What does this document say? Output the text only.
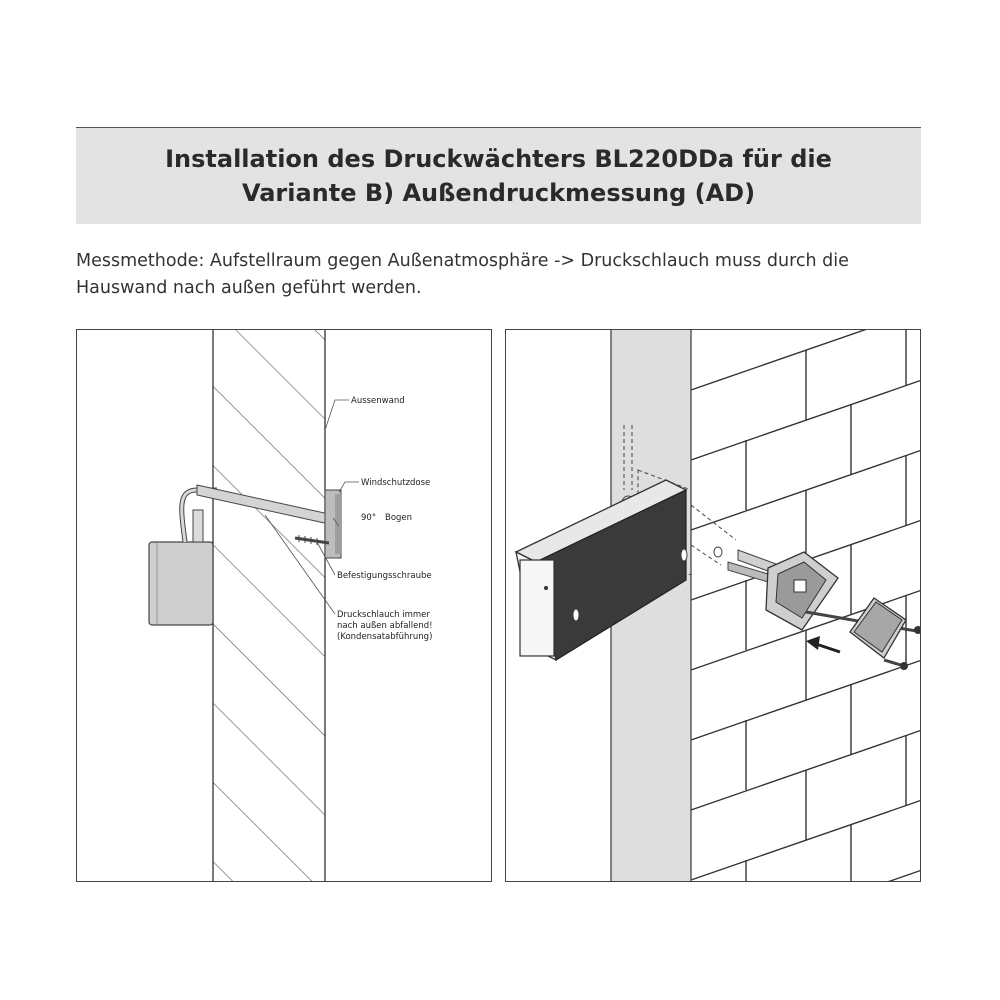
Installation des Druckwächters BL220DDa für die
Variante B) Außendruckmessung (AD)
Messmethode: Aufstellraum gegen Außenatmosphäre -> Druckschlauch muss durch die
Hauswand nach außen geführt werden.
Aussenwand
Windschutzdose
90° Bogen
Befestigungsschraube
Druckschlauch immer
nach außen abfallend!
(Kondensatabführung)
